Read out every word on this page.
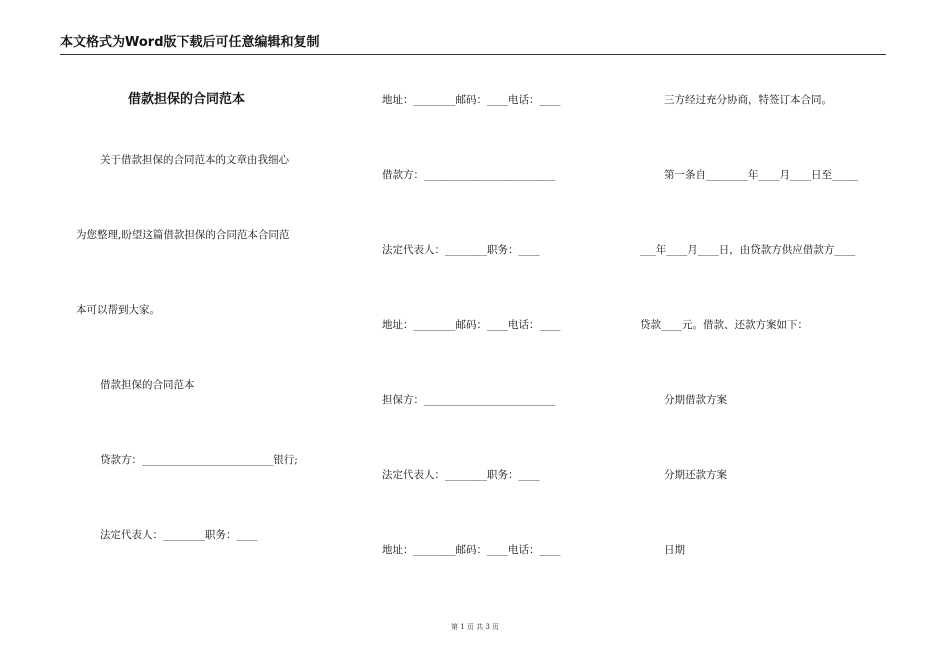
本文格式为Word版下载后可任意编辑和复制
借款担保的合同范本
关于借款担保的合同范本的文章由我细心
为您整理,盼望这篇借款担保的合同范本合同范
本可以帮到大家。
借款担保的合同范本
贷款方：_________________________银行;
法定代表人：________职务：____
地址：________邮码：____电话：____
借款方：_________________________
法定代表人：________职务：____
地址：________邮码：____电话：____
担保方：_________________________
法定代表人：________职务：____
地址：________邮码：____电话：____
三方经过充分协商，特签订本合同。
第一条自________年____月____日至_____
___年____月____日，由贷款方供应借款方____
贷款____元。借款、还款方案如下：
分期借款方案
分期还款方案
日期
第 1 页 共 3 页
